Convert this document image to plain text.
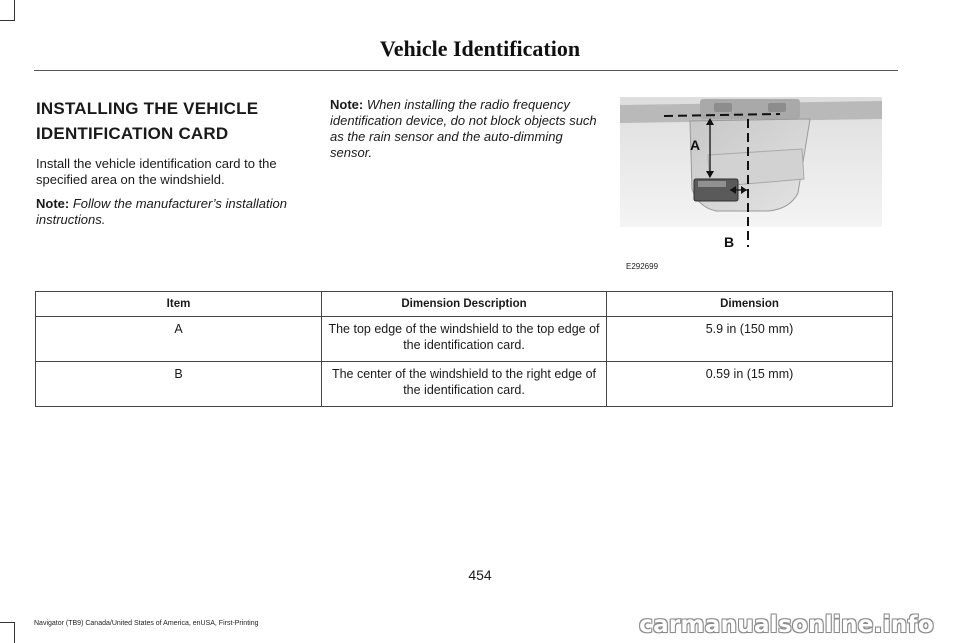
Vehicle Identification
INSTALLING THE VEHICLE
IDENTIFICATION CARD

Install the vehicle identification card to the specified area on the windshield.

Note: Follow the manufacturer’s installation instructions.

Note: When installing the radio frequency identification device, do not block objects such as the rain sensor and the auto-dimming sensor.	A
B
E292699
Item	Dimension Description	Dimension
A	The top edge of the windshield to the top edge of the identification card.	5.9 in (150 mm)
B	The center of the windshield to the right edge of the identification card.	0.59 in (15 mm)
454
Navigator (TB9) Canada/United States of America, enUSA, First-Printing	carmanualsonline.info
